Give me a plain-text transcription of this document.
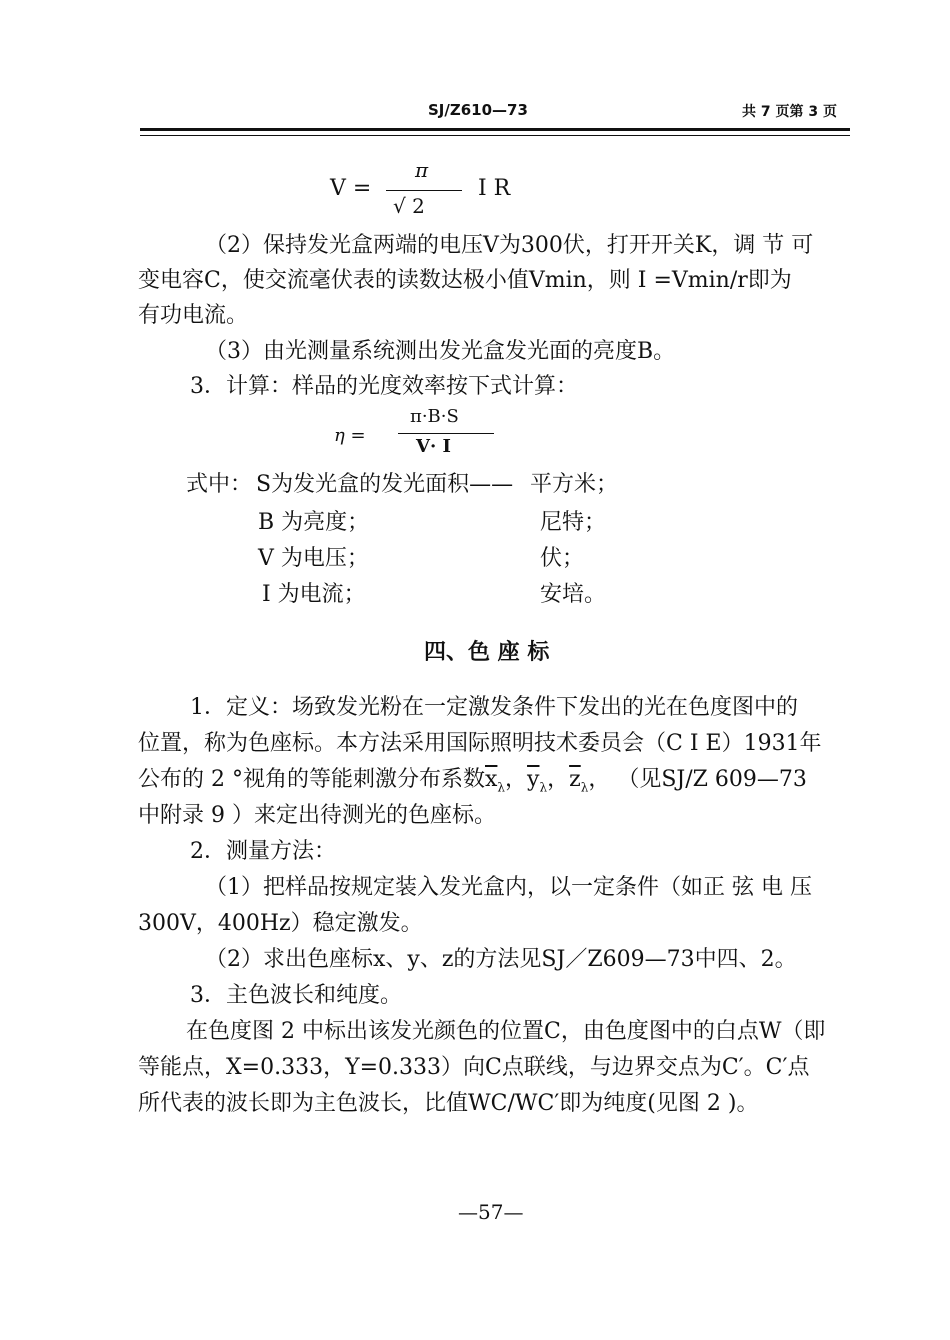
SJ/Z610—73	共 7 页第 3 页
V =
π
√ 2
I R
（2）保持发光盒两端的电压V为300伏，打开开关K，调 节 可
变电容C，使交流毫伏表的读数达极小值Vmin，则 I =Vmin/r即为
有功电流。
（3）由光测量系统测出发光盒发光面的亮度B。
3．计算：样品的光度效率按下式计算：
η =
π·B·S
V· I
式中： S为发光盒的发光面积—— 平方米；
B 为亮度；	尼特；
V 为电压；	伏；
I 为电流；	安培。
四、色 座 标
1．定义：场致发光粉在一定激发条件下发出的光在色度图中的
位置，称为色座标。本方法采用国际照明技术委员会（C I E）1931年
公布的 2 °视角的等能刺激分布系数$\overline{x}_\lambda$，$\overline{y}_\lambda$，$\overline{z}_\lambda$， （见SJ/Z 609—73
中附录 9 ）来定出待测光的色座标。
2．测量方法：
（1）把样品按规定装入发光盒内，以一定条件（如正 弦 电 压
300V，400Hz）稳定激发。
（2）求出色座标x、y、z的方法见SJ／Z609—73中四、2。
3．主色波长和纯度。
在色度图 2 中标出该发光颜色的位置C，由色度图中的白点W（即
等能点，X=0.333，Y=0.333）向C点联线，与边界交点为C′。C′点
所代表的波长即为主色波长，比值WC/WC′即为纯度(见图 2 )。
—57—
